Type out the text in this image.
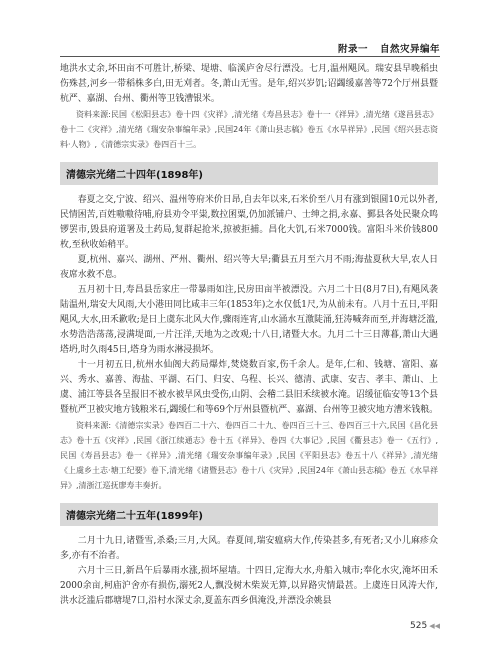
附录一 自然灾异编年

地洪水丈余,坏田亩不可胜计,桥梁、堤塘、临溪庐舍尽行漂没。七月,温州飓风。瑞安县早晚稻虫伤殊甚,河乡一带稻株多白,田无刈者。冬,萧山无雪。是年,绍兴岁饥;诏蠲缓嘉善等72个厅州县暨杭严、嘉湖、台州、衢州等卫钱漕银米。

资料来源:民国《松阳县志》卷十四《灾祥》,清光绪《寿昌县志》卷十一《祥异》,清光绪《遂昌县志》卷十二《灾祥》,清光绪《瑞安杂事编年录》,民国24年《萧山县志稿》卷五《水旱祥异》,民国《绍兴县志资料·人物》,《清德宗实录》卷四百十三。

清德宗光绪二十四年(1898年)

春夏之交,宁波、绍兴、温州等府米价日昂,自去年以来,石米价至八月有涨到银圆10元以外者,民情困苦,百姓嗷嗷待哺,府县劝令平粜,数拉囷粟,仍加派铺户、士绅之捐,永嘉、鄞县各处民聚众鸣锣罢市,毁县府道署及土药局,复群起抢米,掠被拒捕。昌化大饥,石米7000钱。富阳斗米价钱800枚,至秋收始稍平。

夏,杭州、嘉兴、湖州、严州、衢州、绍兴等大旱;衢县五月至六月不雨;海盐夏秋大旱,农人日夜席水救不息。

五月初十日,寿昌县岳家庄一带暴雨如注,民房田亩半被漂没。六月二十日(8月7日),有飓风袭陆温州,瑞安大风雨,大小港田同比咸丰三年(1853年)之水仅低1尺,为从前未有。八月十五日,平阳飓风,大水,田禾歉收;是日上虞东北风大作,骤雨连宵,山水涌水互激陡涌,狂涛喊奔而至,并海塘泛滥,水势浩浩荡荡,浸满堤面,一片汪洋,天地为之改观;十八日,诸暨大水。九月二十三日薄暮,萧山大遇塔坍,时久雨45日,塔身为雨水淋浸损坏。

十一月初五日,杭州水仙阁大药局爆炸,焚烧数百家,伤千余人。是年,仁和、钱塘、富阳、嘉兴、秀水、嘉善、海盐、平湖、石门、归安、乌程、长兴、德清、武康、安吉、孝丰、萧山、上虞、浦江等县各呈报旧不被水被旱风虫受伤,山阴、会稽二县旧禾续被水淹。诏缓征临安等13个县暨杭严卫被灾地方钱粮米石,蠲缓仁和等69个厅州县暨杭严、嘉湖、台州等卫被灾地方漕米钱粮。

资料来源:《清德宗实录》卷四百二十六、卷四百二十九、卷四百三十三、卷四百三十六,民国《昌化县志》卷十五《灾祥》,民国《浙江续通志》卷十五《祥异》、卷四《大事记》,民国《衢县志》卷一《五行》,民国《寿昌县志》卷一《祥异》,清光绪《瑞安杂事编年录》,民国《平阳县志》卷五十八《祥异》,清光绪《上虞乡土志·塘工纪要》卷下,清光绪《诸暨县志》卷十八《灾异》,民国24年《萧山县志稿》卷五《水旱祥异》,清浙江巡抚廖寿丰奏折。

清德宗光绪二十五年(1899年)

二月十九日,诸暨雪,杀桑;三月,大风。春夏间,瑞安瘟病大作,传染甚多,有死者;又小儿麻疹众多,亦有不治者。

六月十三日,新昌午后暴雨水涨,损坏屋墙。十四日,定海大水,舟船入城市;奉化水灾,淹坏田禾2000余亩,柯庙沪舍亦有损伤,溺死2人,飘没树木柴炭无算,以昇路灾情最甚。上虞连日风涛大作,洪水泛滥后郡塘堤7口,沿村水深丈余,夏盖东西乡俱淹没,并漂没余姚县

525 ◀◀
